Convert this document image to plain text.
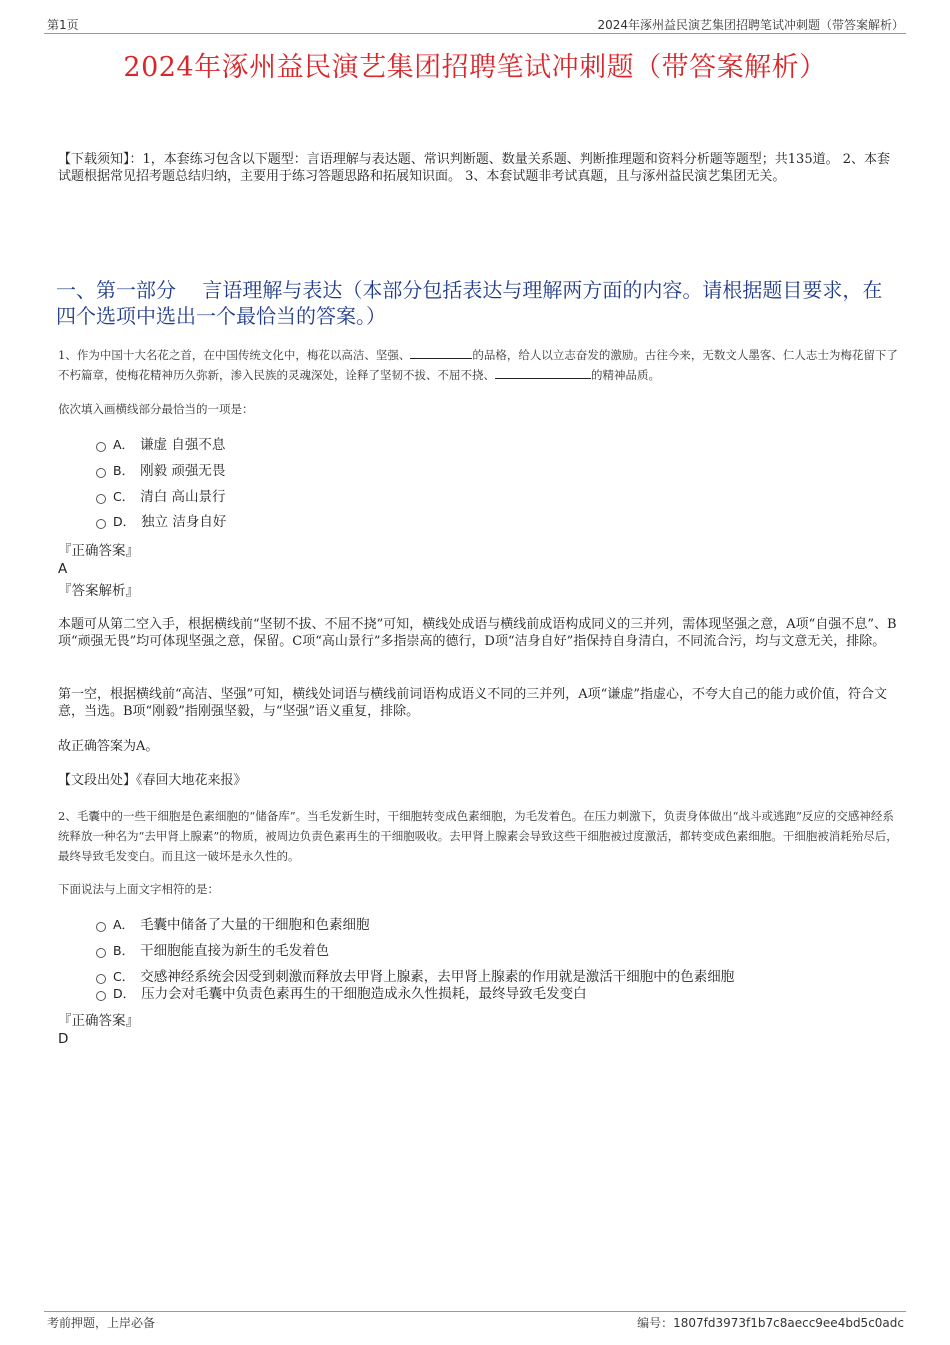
第1页	2024年涿州益民演艺集团招聘笔试冲刺题（带答案解析）
2024年涿州益民演艺集团招聘笔试冲刺题（带答案解析）
【下载须知】：1，本套练习包含以下题型：言语理解与表达题、常识判断题、数量关系题、判断推理题和资料分析题等题型；共135道。 2、本套试题根据常见招考题总结归纳，主要用于练习答题思路和拓展知识面。 3、本套试题非考试真题，且与涿州益民演艺集团无关。
一、第一部分　 言语理解与表达（本部分包括表达与理解两方面的内容。请根据题目要求，在四个选项中选出一个最恰当的答案。）
1、作为中国十大名花之首，在中国传统文化中，梅花以高洁、坚强、	的品格，给人以立志奋发的激励。古往今来，无数文人墨客、仁人志士为梅花留下了不朽篇章，使梅花精神历久弥新，渗入民族的灵魂深处，诠释了坚韧不拔、不屈不挠、	的精神品质。
依次填入画横线部分最恰当的一项是：
A． 谦虚 自强不息
B． 刚毅 顽强无畏
C． 清白 高山景行
D． 独立 洁身自好
『正确答案』
A
『答案解析』
本题可从第二空入手，根据横线前“坚韧不拔、不屈不挠”可知，横线处成语与横线前成语构成同义的三并列，需体现坚强之意，A项“自强不息”、B项“顽强无畏”均可体现坚强之意，保留。C项“高山景行”多指崇高的德行，D项“洁身自好”指保持自身清白，不同流合污，均与文意无关，排除。
第一空，根据横线前“高洁、坚强”可知，横线处词语与横线前词语构成语义不同的三并列，A项“谦虚”指虚心，不夸大自己的能力或价值，符合文意，当选。B项“刚毅”指刚强坚毅，与“坚强”语义重复，排除。
故正确答案为A。
【文段出处】《春回大地花来报》
2、毛囊中的一些干细胞是色素细胞的“储备库”。当毛发新生时，干细胞转变成色素细胞，为毛发着色。在压力刺激下，负责身体做出“战斗或逃跑”反应的交感神经系统释放一种名为“去甲肾上腺素”的物质，被周边负责色素再生的干细胞吸收。去甲肾上腺素会导致这些干细胞被过度激活，都转变成色素细胞。干细胞被消耗殆尽后，最终导致毛发变白。而且这一破坏是永久性的。
下面说法与上面文字相符的是：
A． 毛囊中储备了大量的干细胞和色素细胞
B． 干细胞能直接为新生的毛发着色
C． 交感神经系统会因受到刺激而释放去甲肾上腺素，去甲肾上腺素的作用就是激活干细胞中的色素细胞
D． 压力会对毛囊中负责色素再生的干细胞造成永久性损耗，最终导致毛发变白
『正确答案』
D
考前押题，上岸必备	编号：1807fd3973f1b7c8aecc9ee4bd5c0adc
